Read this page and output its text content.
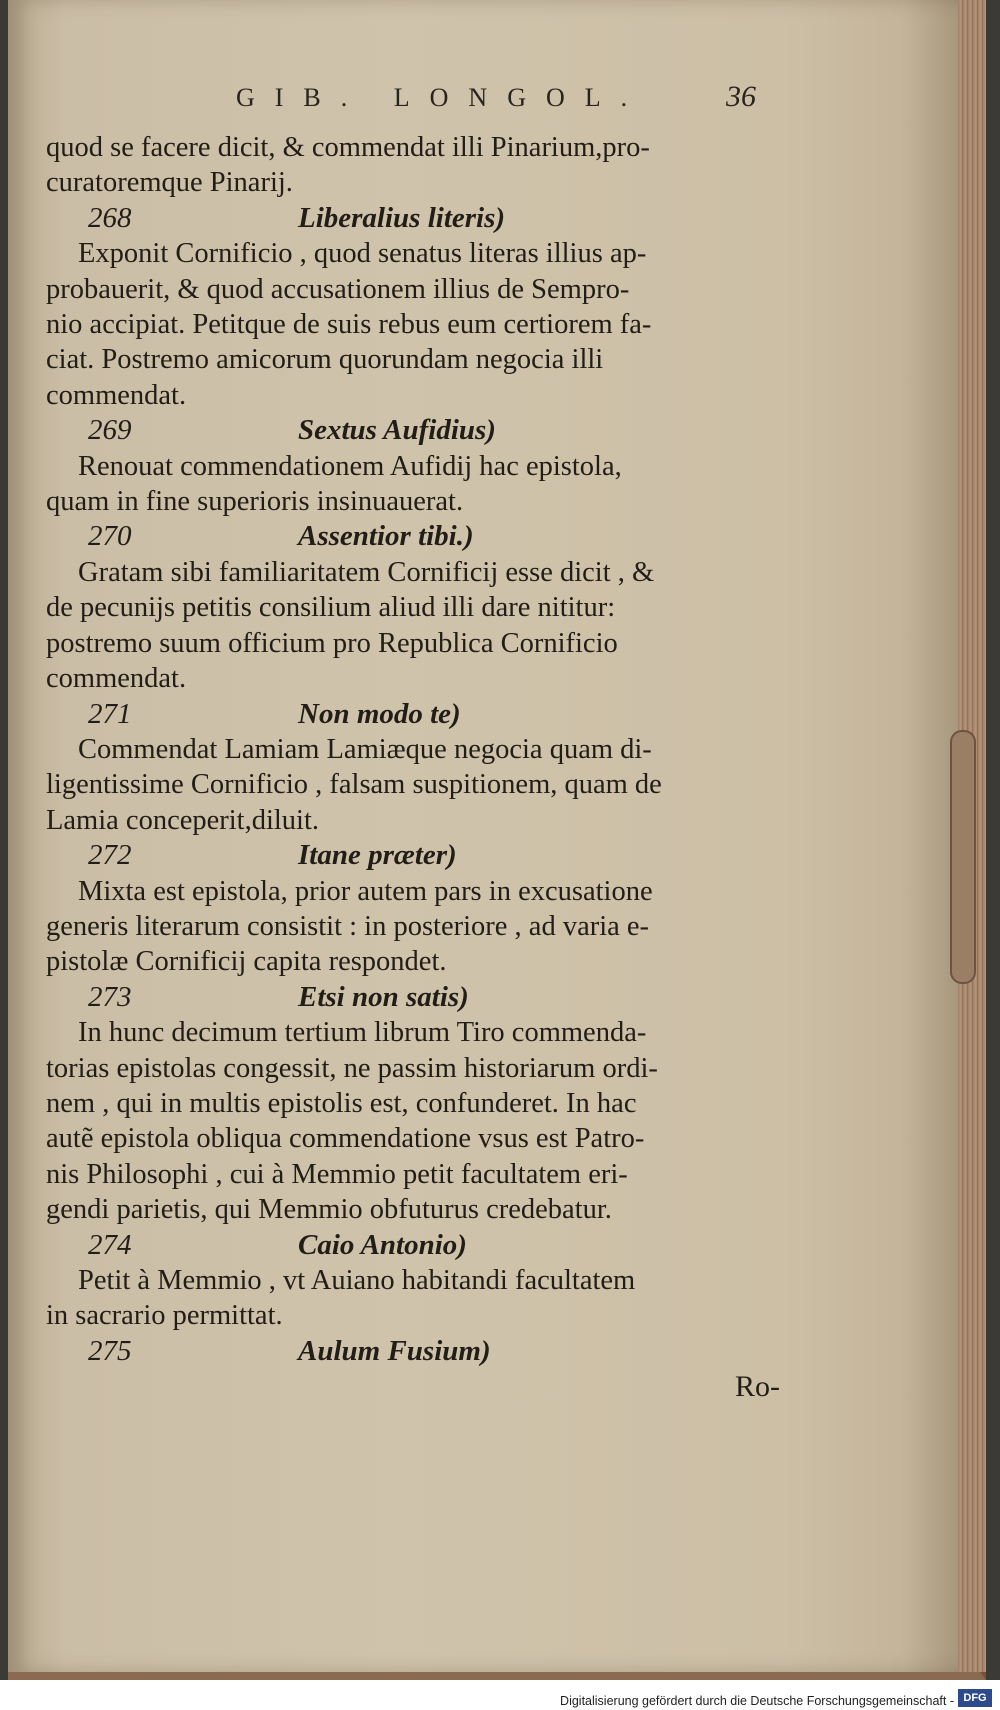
GIB. LONGOL.	36

quod se facere dicit, & commendat illi Pinarium,pro-

curatoremque Pinarij.

268	Liberalius literis)

Exponit Cornificio , quod senatus literas illius ap-

probauerit, & quod accusationem illius de Sempro-

nio accipiat. Petitque de suis rebus eum certiorem fa-

ciat. Postremo amicorum quorundam negocia illi

commendat.

269	Sextus Aufidius)

Renouat commendationem Aufidij hac epistola,

quam in fine superioris insinuauerat.

270	Assentior tibi.)

Gratam sibi familiaritatem Cornificij esse dicit , &

de pecunijs petitis consilium aliud illi dare nititur:

postremo suum officium pro Republica Cornificio

commendat.

271	Non modo te)

Commendat Lamiam Lamiæque negocia quam di-

ligentissime Cornificio , falsam suspitionem, quam de

Lamia conceperit,diluit.

272	Itane præter)

Mixta est epistola, prior autem pars in excusatione

generis literarum consistit : in posteriore , ad varia e-

pistolæ Cornificij capita respondet.

273	Etsi non satis)

In hunc decimum tertium librum Tiro commenda-

torias epistolas congessit, ne passim historiarum ordi-

nem , qui in multis epistolis est, confunderet. In hac

autẽ epistola obliqua commendatione vsus est Patro-

nis Philosophi , cui à Memmio petit facultatem eri-

gendi parietis, qui Memmio obfuturus credebatur.

274	Caio Antonio)

Petit à Memmio , vt Auiano habitandi facultatem

in sacrario permittat.

275	Aulum Fusium)

Ro-

Digitalisierung gefördert durch die Deutsche Forschungsgemeinschaft - DFG
